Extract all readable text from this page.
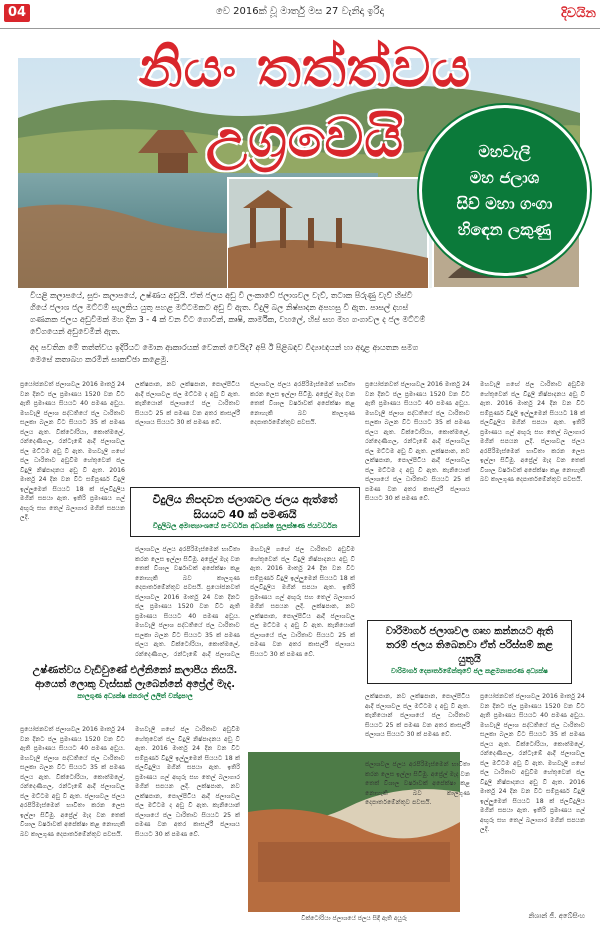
04	වෙ 2016ක් වූ මාර්තු මස 27 වැනිදා ඉරිදා	දිවයින
නියං තත්ත්වය උග්‍රවෙයි	මහවැලි
මහ ජලාශ
සිව් මහා ගංගා
හිඳෙන ලකුණු
වියළි කලාපයේ, සුළුං කලාපයේ, උෂ්ණය අඩුයි. ඒත් ජලය අඩු වී ලංකාවේ ජලාශවල වැව්, තටාක පිරුණු වැව් හිස්වී ගියේ ජලාශ ජල මට්ටම් සැලකිය යුතු පහළ මට්ටමකට අඩු වී ඇත. විදුලි බල නිෂ්පාදන අපහසු වී ඇත. පාසල් දහස් ගණනක ජලය අඩුවීමක් මහ දින 3 - 4 ක් වන විට ගොවීන්, කෘෂි, කාර්මික, වහලේ, හිස් සහ මහ ගංගාවල ද ජල මට්ටම් වේගයෙන් අඩුවෙමින් ඇත.
අද පවතින මේ තත්ත්වය ඉදිරියට මොන ආකාරයක් වෙනත් වෙයිද? අපි ඊ පිළිබඳව විද්‍යාඥයන් හා අදාළ ආයතන සමග මෙසේ කතාබහ කරමින් සාකච්ඡා කළෙමු.
ප්‍රයෝජනවත් ජලාශවල 2016 මාර්තු 24 වන දිනට ජල ප්‍රමාණය 1520 වන විට ඇති ප්‍රමාණය සියයට 40 පමණ අඩුය. මහවැලි ජලාශ පද්ධතියේ ජල ධාරිතාව සලකා බලන විට සියයට 35 ක් පමණ ජලය ඇත. වික්ටෝරියා, කොත්මලේ, රන්දෙණිගල, රන්ටැඹේ ආදී ජලාශවල ජල මට්ටම අඩු වී ඇත. මහවැලි ගඟේ ජල ධාරිතාව අඩුවීම හේතුවෙන් ජල විදුලි නිෂ්පාදනය අඩු වී ඇත. 2016 මාර්තු 24 දින වන විට සම්පූර්ණ විදුලි ඉල්ලුමෙන් සියයට 18 ක් ජලවිදුලිය මගින් සපයා ඇත. ඉතිරි ප්‍රමාණය ගල් අඟුරු සහ තෙල් බලාගාර මගින් සපයන ලදි.
ලක්ෂපාන, නව ලක්ෂපාන, පොල්පිටිය ආදී ජලාශවල ජල මට්ටම ද අඩු වී ඇත. කැනියොන් ජලාශයේ ජල ධාරිතාව සියයට 25 ක් පමණ වන අතර කාසල්රී ජලාශය සියයට 30 ක් පමණ වේ.
ජලාශවල ජලය අරපිරිමැස්මෙන් භාවිතා කරන ලෙස ඉල්ලා සිටිමු. අප්‍රේල් මැද වන තෙක් විශාල වර්ෂාවක් අපේක්ෂා කළ නොහැකි බව කාලගුණ දෙපාර්තමේන්තුව පවසයි.
ප්‍රයෝජනවත් ජලාශවල 2016 මාර්තු 24 වන දිනට ජල ප්‍රමාණය 1520 වන විට ඇති ප්‍රමාණය සියයට 40 පමණ අඩුය. මහවැලි ජලාශ පද්ධතියේ ජල ධාරිතාව සලකා බලන විට සියයට 35 ක් පමණ ජලය ඇත. වික්ටෝරියා, කොත්මලේ, රන්දෙණිගල, රන්ටැඹේ ආදී ජලාශවල ජල මට්ටම අඩු වී ඇත. ලක්ෂපාන, නව ලක්ෂපාන, පොල්පිටිය ආදී ජලාශවල ජල මට්ටම ද අඩු වී ඇත. කැනියොන් ජලාශයේ ජල ධාරිතාව සියයට 25 ක් පමණ වන අතර කාසල්රී ජලාශය සියයට 30 ක් පමණ වේ.
මහවැලි ගඟේ ජල ධාරිතාව අඩුවීම හේතුවෙන් ජල විදුලි නිෂ්පාදනය අඩු වී ඇත. 2016 මාර්තු 24 දින වන විට සම්පූර්ණ විදුලි ඉල්ලුමෙන් සියයට 18 ක් ජලවිදුලිය මගින් සපයා ඇත. ඉතිරි ප්‍රමාණය ගල් අඟුරු සහ තෙල් බලාගාර මගින් සපයන ලදි. ජලාශවල ජලය අරපිරිමැස්මෙන් භාවිතා කරන ලෙස ඉල්ලා සිටිමු. අප්‍රේල් මැද වන තෙක් විශාල වර්ෂාවක් අපේක්ෂා කළ නොහැකි බව කාලගුණ දෙපාර්තමේන්තුව පවසයි.
විදුලිය නිපදවන ජලාශවල ජලය ඇත්තේ සියයට 40 ක් පමණයි
විදුලිබල අමාත්‍යාංශයේ සංවර්ධන අධ්‍යක්ෂ සුලක්ෂණ ජයවර්ධන
ජලාශවල ජලය අරපිරිමැස්මෙන් භාවිතා කරන ලෙස ඉල්ලා සිටිමු. අප්‍රේල් මැද වන තෙක් විශාල වර්ෂාවක් අපේක්ෂා කළ නොහැකි බව කාලගුණ දෙපාර්තමේන්තුව පවසයි. ප්‍රයෝජනවත් ජලාශවල 2016 මාර්තු 24 වන දිනට ජල ප්‍රමාණය 1520 වන විට ඇති ප්‍රමාණය සියයට 40 පමණ අඩුය. මහවැලි ජලාශ පද්ධතියේ ජල ධාරිතාව සලකා බලන විට සියයට 35 ක් පමණ ජලය ඇත. වික්ටෝරියා, කොත්මලේ, රන්දෙණිගල, රන්ටැඹේ ආදී ජලාශවල
මහවැලි ගඟේ ජල ධාරිතාව අඩුවීම හේතුවෙන් ජල විදුලි නිෂ්පාදනය අඩු වී ඇත. 2016 මාර්තු 24 දින වන විට සම්පූර්ණ විදුලි ඉල්ලුමෙන් සියයට 18 ක් ජලවිදුලිය මගින් සපයා ඇත. ඉතිරි ප්‍රමාණය ගල් අඟුරු සහ තෙල් බලාගාර මගින් සපයන ලදි. ලක්ෂපාන, නව ලක්ෂපාන, පොල්පිටිය ආදී ජලාශවල ජල මට්ටම ද අඩු වී ඇත. කැනියොන් ජලාශයේ ජල ධාරිතාව සියයට 25 ක් පමණ වන අතර කාසල්රී ජලාශය සියයට 30 ක් පමණ වේ.
වාරිමාර්ග ජලාශවල ගෘහ කන්නයට ඇති තරම් ජලය තිබෙනවා ඒත් පරිස්සම් කළ යුතුයි
වාරිමාර්ග දෙපාර්තමේන්තුවේ ජල කළමනාකරණ අධ්‍යක්ෂ
ලක්ෂපාන, නව ලක්ෂපාන, පොල්පිටිය ආදී ජලාශවල ජල මට්ටම ද අඩු වී ඇත. කැනියොන් ජලාශයේ ජල ධාරිතාව සියයට 25 ක් පමණ වන අතර කාසල්රී ජලාශය සියයට 30 ක් පමණ වේ.
ප්‍රයෝජනවත් ජලාශවල 2016 මාර්තු 24 වන දිනට ජල ප්‍රමාණය 1520 වන විට ඇති ප්‍රමාණය සියයට 40 පමණ අඩුය. මහවැලි ජලාශ පද්ධතියේ ජල ධාරිතාව සලකා බලන විට සියයට 35 ක් පමණ ජලය ඇත. වික්ටෝරියා, කොත්මලේ, රන්දෙණිගල, රන්ටැඹේ ආදී ජලාශවල ජල මට්ටම අඩු වී ඇත. මහවැලි ගඟේ ජල ධාරිතාව අඩුවීම හේතුවෙන් ජල විදුලි නිෂ්පාදනය අඩු වී ඇත. 2016 මාර්තු 24 දින වන විට සම්පූර්ණ විදුලි ඉල්ලුමෙන් සියයට 18 ක් ජලවිදුලිය මගින් සපයා ඇත. ඉතිරි ප්‍රමාණය ගල් අඟුරු සහ තෙල් බලාගාර මගින් සපයන ලදි.
උෂ්ණත්වය වැඩිවුණේ එල්නිනෝ කලාපීය නිසයි. ආයෙත් ලොකු වැස්සක් ලැබෙන්නේ අප්‍රේල් මැද.
කාලගුණ අධ්‍යක්ෂ ජනරාල් ලලිත් චන්ද්‍රපාල
ප්‍රයෝජනවත් ජලාශවල 2016 මාර්තු 24 වන දිනට ජල ප්‍රමාණය 1520 වන විට ඇති ප්‍රමාණය සියයට 40 පමණ අඩුය. මහවැලි ජලාශ පද්ධතියේ ජල ධාරිතාව සලකා බලන විට සියයට 35 ක් පමණ ජලය ඇත. වික්ටෝරියා, කොත්මලේ, රන්දෙණිගල, රන්ටැඹේ ආදී ජලාශවල ජල මට්ටම අඩු වී ඇත. ජලාශවල ජලය අරපිරිමැස්මෙන් භාවිතා කරන ලෙස ඉල්ලා සිටිමු. අප්‍රේල් මැද වන තෙක් විශාල වර්ෂාවක් අපේක්ෂා කළ නොහැකි බව කාලගුණ දෙපාර්තමේන්තුව පවසයි.
මහවැලි ගඟේ ජල ධාරිතාව අඩුවීම හේතුවෙන් ජල විදුලි නිෂ්පාදනය අඩු වී ඇත. 2016 මාර්තු 24 දින වන විට සම්පූර්ණ විදුලි ඉල්ලුමෙන් සියයට 18 ක් ජලවිදුලිය මගින් සපයා ඇත. ඉතිරි ප්‍රමාණය ගල් අඟුරු සහ තෙල් බලාගාර මගින් සපයන ලදි. ලක්ෂපාන, නව ලක්ෂපාන, පොල්පිටිය ආදී ජලාශවල ජල මට්ටම ද අඩු වී ඇත. කැනියොන් ජලාශයේ ජල ධාරිතාව සියයට 25 ක් පමණ වන අතර කාසල්රී ජලාශය සියයට 30 ක් පමණ වේ.
වික්ටෝරියා ජලාශයේ ජලය සිඳී ඇති අයුරු
ජලාශවල ජලය අරපිරිමැස්මෙන් භාවිතා කරන ලෙස ඉල්ලා සිටිමු. අප්‍රේල් මැද වන තෙක් විශාල වර්ෂාවක් අපේක්ෂා කළ නොහැකි බව කාලගුණ දෙපාර්තමේන්තුව පවසයි.
නිශාන් ජී. අබේසිංහ
